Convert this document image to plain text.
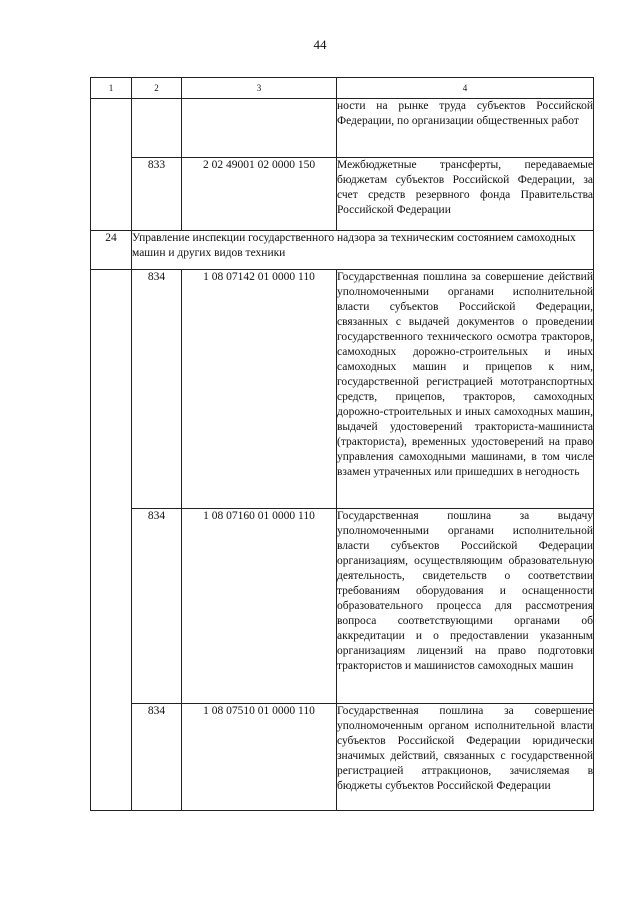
44
1	2	3	4
			ности на рынке труда субъектов Российской Федерации, по организации общественных работ
	833	2 02 49001 02 0000 150	Межбюджетные трансферты, передаваемые бюджетам субъектов Российской Федерации, за счет средств резервного фонда Правительства Российской Федерации
24	Управление инспекции государственного надзора за техническим состоянием самоходных машин и других видов техники		
	834	1 08 07142 01 0000 110	Государственная пошлина за совершение действий уполномоченными органами исполнительной власти субъектов Российской Федерации, связанных с выдачей документов о проведении государственного технического осмотра тракторов, самоходных дорожно-строительных и иных самоходных машин и прицепов к ним, государственной регистрацией мототранспортных средств, прицепов, тракторов, самоходных дорожно-строительных и иных самоходных машин, выдачей удостоверений тракториста-машиниста (тракториста), временных удостоверений на право управления самоходными машинами, в том числе взамен утраченных или пришедших в негодность
	834	1 08 07160 01 0000 110	Государственная пошлина за выдачу уполномоченными органами исполнительной власти субъектов Российской Федерации организациям, осуществляющим образовательную деятельность, свидетельств о соответствии требованиям оборудования и оснащенности образовательного процесса для рассмотрения вопроса соответствующими органами об аккредитации и о предоставлении указанным организациям лицензий на право подготовки трактористов и машинистов самоходных машин
	834	1 08 07510 01 0000 110	Государственная пошлина за совершение уполномоченным органом исполнительной власти субъектов Российской Федерации юридически значимых действий, связанных с государственной регистрацией аттракционов, зачисляемая в бюджеты субъектов Российской Федерации
